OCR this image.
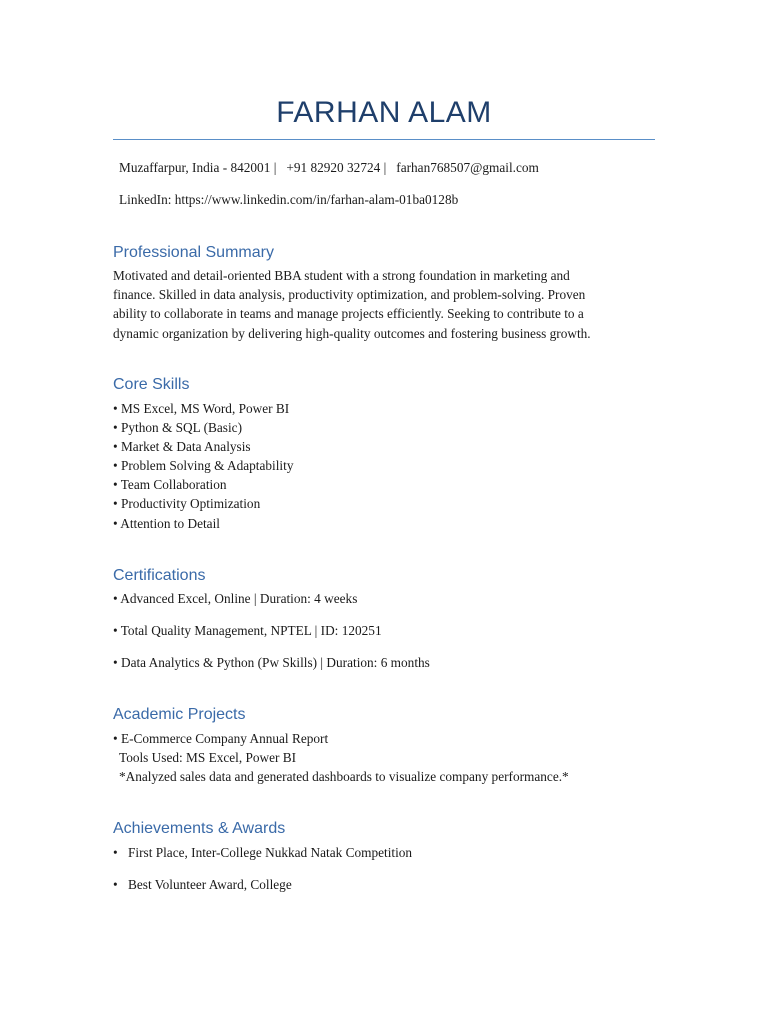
FARHAN ALAM

Muzaffarpur, India - 842001 | +91 82920 32724 | farhan768507@gmail.com

LinkedIn: https://www.linkedin.com/in/farhan-alam-01ba0128b

Professional Summary
Motivated and detail-oriented BBA student with a strong foundation in marketing and
finance. Skilled in data analysis, productivity optimization, and problem-solving. Proven
ability to collaborate in teams and manage projects efficiently. Seeking to contribute to a
dynamic organization by delivering high-quality outcomes and fostering business growth.
Core Skills
• MS Excel, MS Word, Power BI
• Python & SQL (Basic)
• Market & Data Analysis
• Problem Solving & Adaptability
• Team Collaboration
• Productivity Optimization
• Attention to Detail
Certifications

• Advanced Excel, Online | Duration: 4 weeks

• Total Quality Management, NPTEL | ID: 120251

• Data Analytics & Python (Pw Skills) | Duration: 6 months

Academic Projects

• E-Commerce Company Annual Report

Tools Used: MS Excel, Power BI

*Analyzed sales data and generated dashboards to visualize company performance.*

Achievements & Awards

• First Place, Inter-College Nukkad Natak Competition

• Best Volunteer Award, College
